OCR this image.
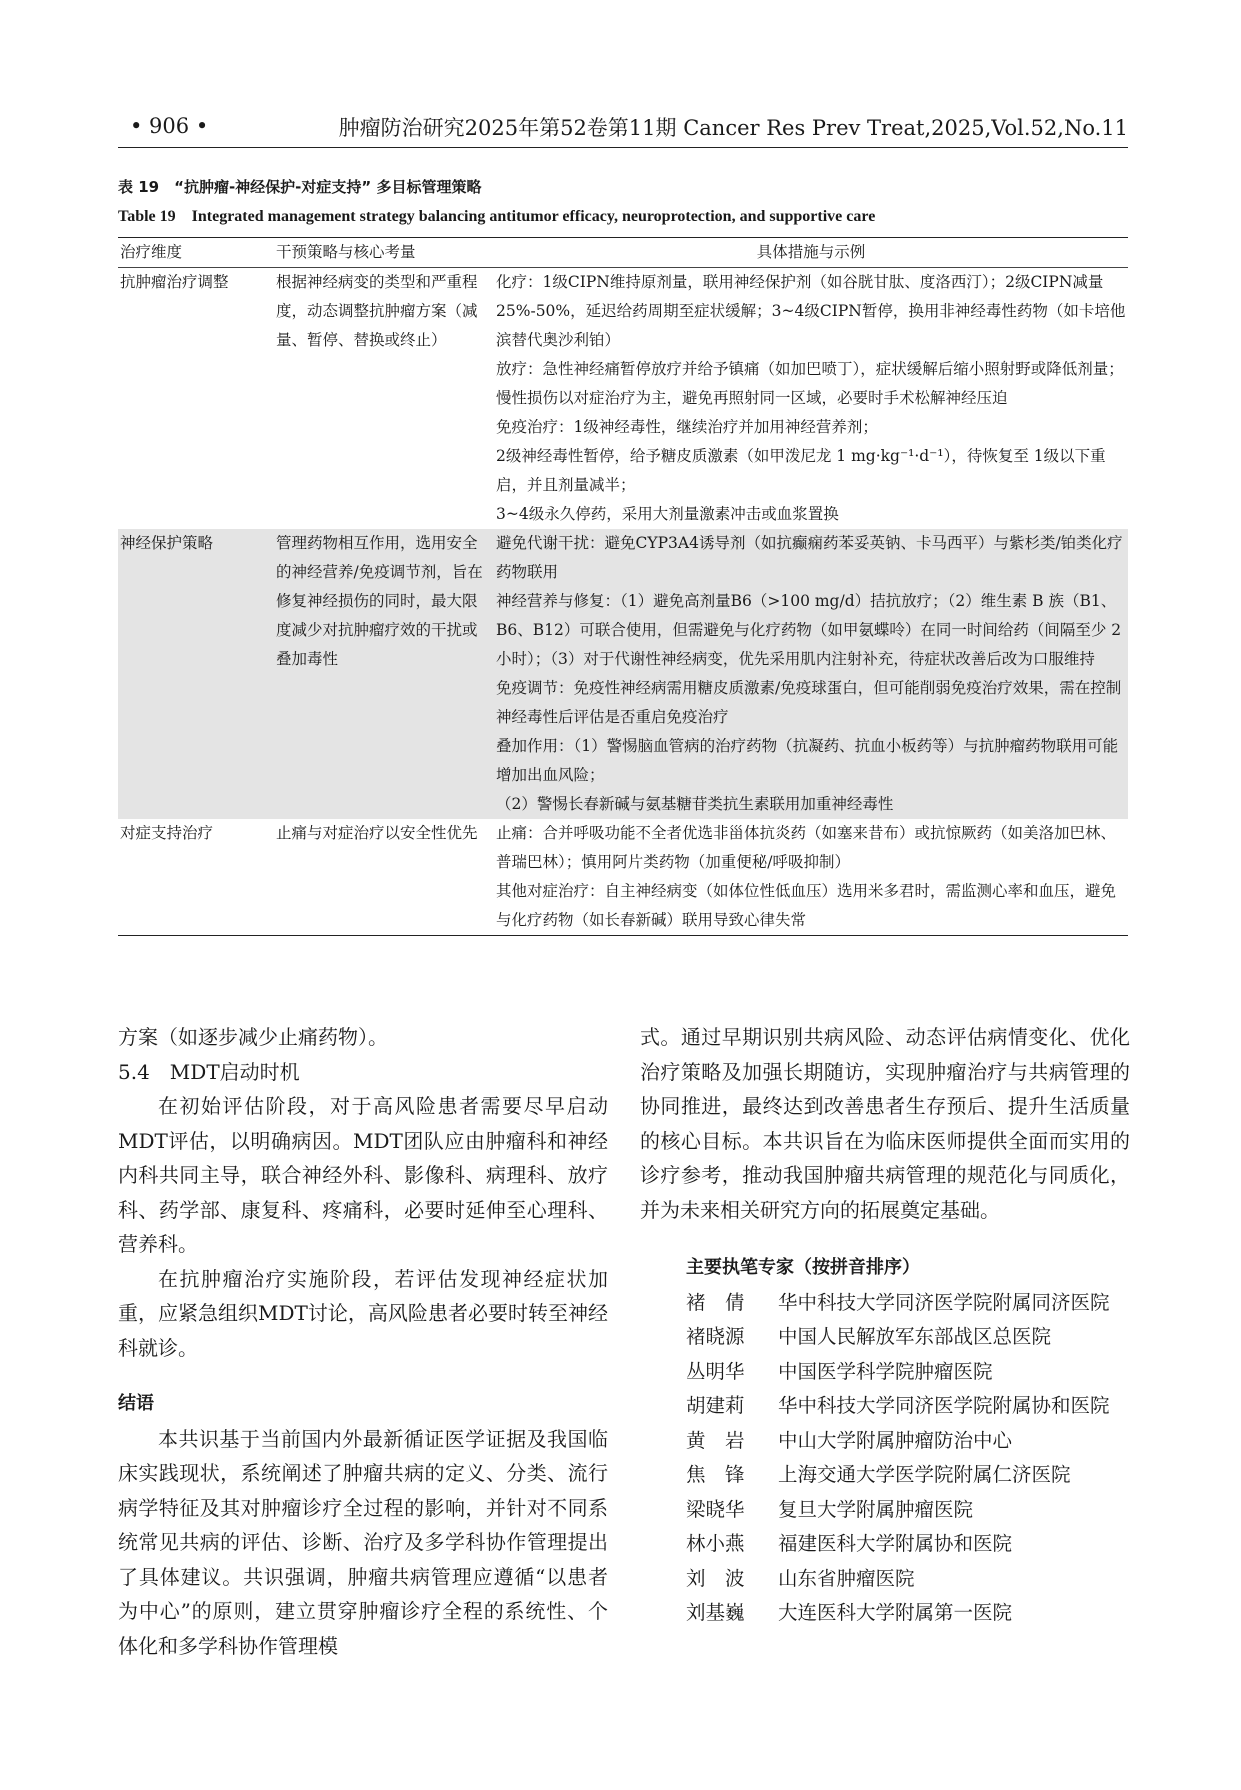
• 906 •	肿瘤防治研究2025年第52卷第11期 Cancer Res Prev Treat,2025,Vol.52,No.11
表 19　“抗肿瘤-神经保护-对症支持” 多目标管理策略
Table 19　Integrated management strategy balancing antitumor efficacy, neuroprotection, and supportive care
治疗维度	干预策略与核心考量	具体措施与示例
抗肿瘤治疗调整	根据神经病变的类型和严重程度，动态调整抗肿瘤方案（减量、暂停、替换或终止）	化疗：1级CIPN维持原剂量，联用神经保护剂（如谷胱甘肽、度洛西汀）；2级CIPN减量25%-50%，延迟给药周期至症状缓解；3~4级CIPN暂停，换用非神经毒性药物（如卡培他滨替代奥沙利铂）
放疗：急性神经痛暂停放疗并给予镇痛（如加巴喷丁），症状缓解后缩小照射野或降低剂量；慢性损伤以对症治疗为主，避免再照射同一区域，必要时手术松解神经压迫
免疫治疗：1级神经毒性，继续治疗并加用神经营养剂；
2级神经毒性暂停，给予糖皮质激素（如甲泼尼龙 1 mg·kg⁻¹·d⁻¹），待恢复至 1级以下重启，并且剂量减半；
3~4级永久停药，采用大剂量激素冲击或血浆置换

神经保护策略	管理药物相互作用，选用安全的神经营养/免疫调节剂，旨在修复神经损伤的同时，最大限度减少对抗肿瘤疗效的干扰或叠加毒性	避免代谢干扰：避免CYP3A4诱导剂（如抗癫痫药苯妥英钠、卡马西平）与紫杉类/铂类化疗药物联用
神经营养与修复：（1）避免高剂量B6（>100 mg/d）拮抗放疗；（2）维生素 B 族（B1、B6、B12）可联合使用，但需避免与化疗药物（如甲氨蝶呤）在同一时间给药（间隔至少 2 小时）；（3）对于代谢性神经病变，优先采用肌内注射补充，待症状改善后改为口服维持
免疫调节：免疫性神经病需用糖皮质激素/免疫球蛋白，但可能削弱免疫治疗效果，需在控制神经毒性后评估是否重启免疫治疗
叠加作用：（1）警惕脑血管病的治疗药物（抗凝药、抗血小板药等）与抗肿瘤药物联用可能增加出血风险；
（2）警惕长春新碱与氨基糖苷类抗生素联用加重神经毒性

对症支持治疗	止痛与对症治疗以安全性优先	止痛：合并呼吸功能不全者优选非甾体抗炎药（如塞来昔布）或抗惊厥药（如美洛加巴林、普瑞巴林）；慎用阿片类药物（加重便秘/呼吸抑制）
其他对症治疗：自主神经病变（如体位性低血压）选用米多君时，需监测心率和血压，避免与化疗药物（如长春新碱）联用导致心律失常

方案（如逐步减少止痛药物）。

5.4　MDT启动时机

在初始评估阶段，对于高风险患者需要尽早启动MDT评估，以明确病因。MDT团队应由肿瘤科和神经内科共同主导，联合神经外科、影像科、病理科、放疗科、药学部、康复科、疼痛科，必要时延伸至心理科、营养科。

在抗肿瘤治疗实施阶段，若评估发现神经症状加重，应紧急组织MDT讨论，高风险患者必要时转至神经科就诊。

结语

本共识基于当前国内外最新循证医学证据及我国临床实践现状，系统阐述了肿瘤共病的定义、分类、流行病学特征及其对肿瘤诊疗全过程的影响，并针对不同系统常见共病的评估、诊断、治疗及多学科协作管理提出了具体建议。共识强调，肿瘤共病管理应遵循“以患者为中心”的原则，建立贯穿肿瘤诊疗全程的系统性、个体化和多学科协作管理模

式。通过早期识别共病风险、动态评估病情变化、优化治疗策略及加强长期随访，实现肿瘤治疗与共病管理的协同推进，最终达到改善患者生存预后、提升生活质量的核心目标。本共识旨在为临床医师提供全面而实用的诊疗参考，推动我国肿瘤共病管理的规范化与同质化，并为未来相关研究方向的拓展奠定基础。

主要执笔专家（按拼音排序）
褚　倩 华中科技大学同济医学院附属同济医院
褚晓源 中国人民解放军东部战区总医院
丛明华 中国医学科学院肿瘤医院
胡建莉 华中科技大学同济医学院附属协和医院
黄　岩 中山大学附属肿瘤防治中心
焦　锋 上海交通大学医学院附属仁济医院
梁晓华 复旦大学附属肿瘤医院
林小燕 福建医科大学附属协和医院
刘　波 山东省肿瘤医院
刘基巍 大连医科大学附属第一医院
